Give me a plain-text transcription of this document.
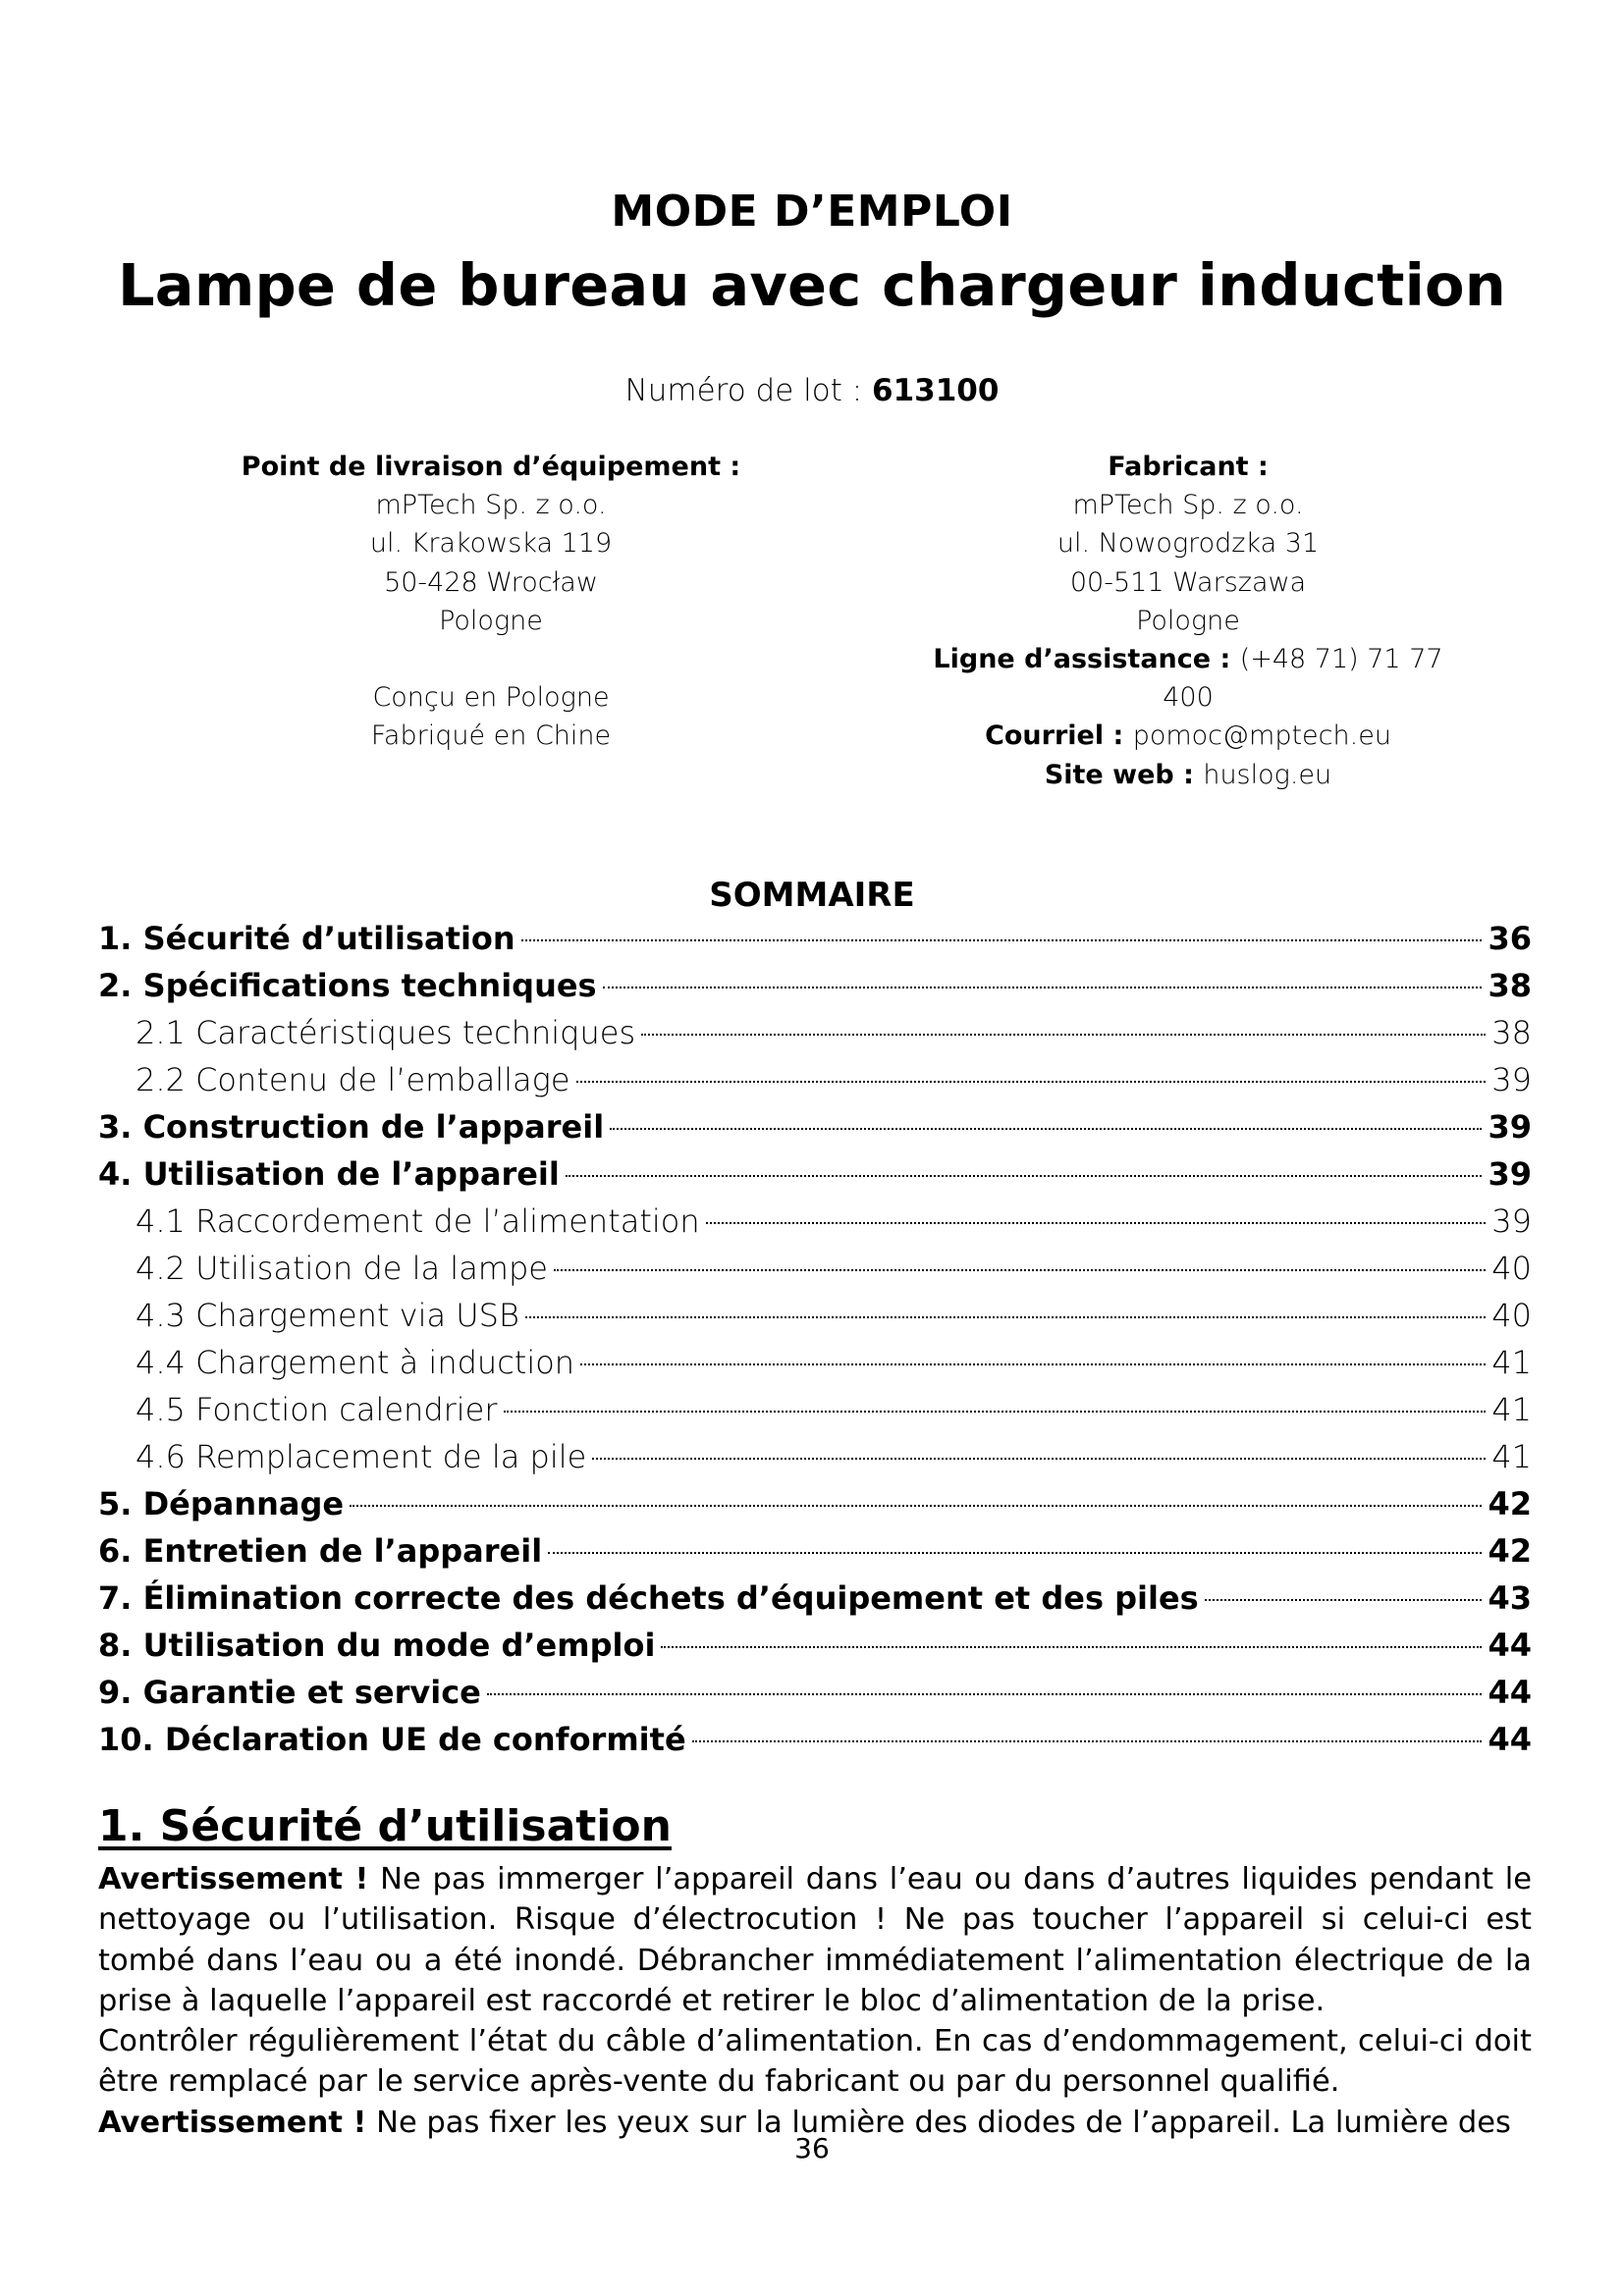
MODE D’EMPLOI
Lampe de bureau avec chargeur induction
Numéro de lot : 613100
Point de livraison d’équipement :
mPTech Sp. z o.o.
ul. Krakowska 119
50-428 Wrocław
Pologne
Conçu en Pologne
Fabriqué en Chine
Fabricant :
mPTech Sp. z o.o.
ul. Nowogrodzka 31
00-511 Warszawa
Pologne
Ligne d’assistance : (+48 71) 71 77 400
Courriel : pomoc@mptech.eu
Site web : huslog.eu
SOMMAIRE
1. Sécurité d’utilisation	36
2. Spécifications techniques	38
2.1 Caractéristiques techniques	38
2.2 Contenu de l’emballage	39
3. Construction de l’appareil	39
4. Utilisation de l’appareil	39
4.1 Raccordement de l’alimentation	39
4.2 Utilisation de la lampe	40
4.3 Chargement via USB	40
4.4 Chargement à induction	41
4.5 Fonction calendrier	41
4.6 Remplacement de la pile	41
5. Dépannage	42
6. Entretien de l’appareil	42
7. Élimination correcte des déchets d’équipement et des piles	43
8. Utilisation du mode d’emploi	44
9. Garantie et service	44
10. Déclaration UE de conformité	44
1. Sécurité d’utilisation

Avertissement ! Ne pas immerger l’appareil dans l’eau ou dans d’autres liquides pendant le nettoyage ou l’utilisation. Risque d’électrocution ! Ne pas toucher l’appareil si celui-ci est tombé dans l’eau ou a été inondé. Débrancher immédiatement l’alimentation électrique de la prise à laquelle l’appareil est raccordé et retirer le bloc d’alimentation de la prise.

Contrôler régulièrement l’état du câble d’alimentation. En cas d’endommagement, celui-ci doit être remplacé par le service après-vente du fabricant ou par du personnel qualifié.

Avertissement ! Ne pas fixer les yeux sur la lumière des diodes de l’appareil. La lumière des

36
